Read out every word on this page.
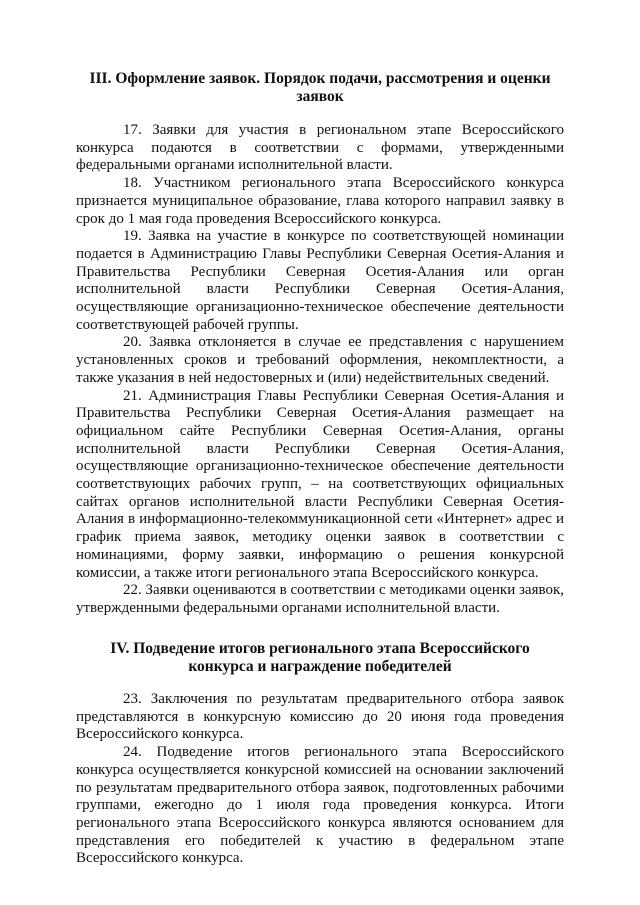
III. Оформление заявок. Порядок подачи, рассмотрения и оценки заявок

17. Заявки для участия в региональном этапе Всероссийского конкурса подаются в соответствии с формами, утвержденными федеральными органами исполнительной власти.

18. Участником регионального этапа Всероссийского конкурса признается муниципальное образование, глава которого направил заявку в срок до 1 мая года проведения Всероссийского конкурса.

19. Заявка на участие в конкурсе по соответствующей номинации подается в Администрацию Главы Республики Северная Осетия-Алания и Правительства Республики Северная Осетия-Алания или орган исполнительной власти Республики Северная Осетия-Алания, осуществляющие организационно-техническое обеспечение деятельности соответствующей рабочей группы.

20. Заявка отклоняется в случае ее представления с нарушением установленных сроков и требований оформления, некомплектности, а также указания в ней недостоверных и (или) недействительных сведений.

21. Администрация Главы Республики Северная Осетия-Алания и Правительства Республики Северная Осетия-Алания размещает на официальном сайте Республики Северная Осетия-Алания, органы исполнительной власти Республики Северная Осетия-Алания, осуществляющие организационно-техническое обеспечение деятельности соответствующих рабочих групп, – на соответствующих официальных сайтах органов исполнительной власти Республики Северная Осетия-Алания в информационно-телекоммуникационной сети «Интернет» адрес и график приема заявок, методику оценки заявок в соответствии с номинациями, форму заявки, информацию о решения конкурсной комиссии, а также итоги регионального этапа Всероссийского конкурса.

22. Заявки оцениваются в соответствии с методиками оценки заявок, утвержденными федеральными органами исполнительной власти.

IV. Подведение итогов регионального этапа Всероссийского конкурса и награждение победителей

23. Заключения по результатам предварительного отбора заявок представляются в конкурсную комиссию до 20 июня года проведения Всероссийского конкурса.

24. Подведение итогов регионального этапа Всероссийского конкурса осуществляется конкурсной комиссией на основании заключений по результатам предварительного отбора заявок, подготовленных рабочими группами, ежегодно до 1 июля года проведения конкурса. Итоги регионального этапа Всероссийского конкурса являются основанием для представления его победителей к участию в федеральном этапе Всероссийского конкурса.
